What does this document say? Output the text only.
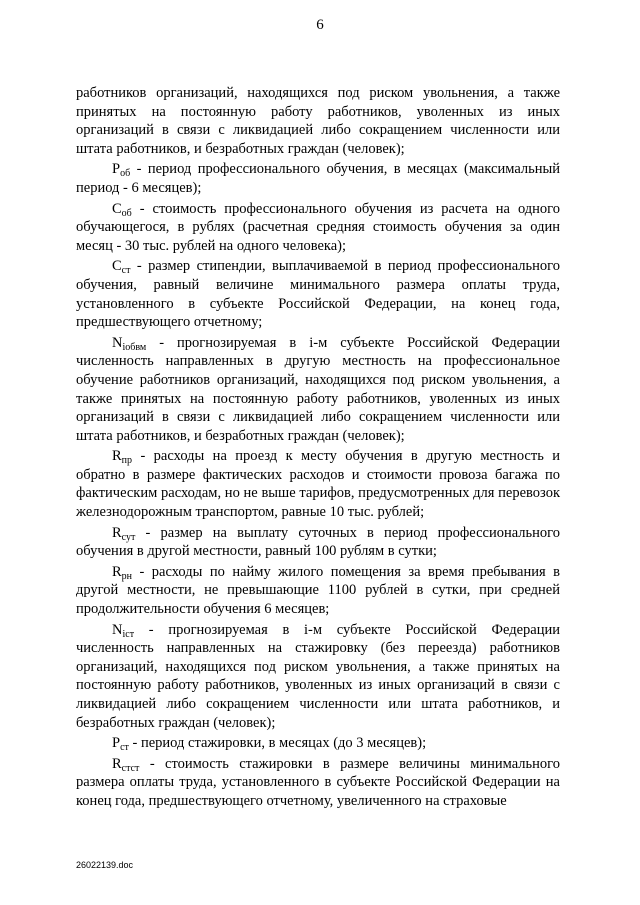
6

работников организаций, находящихся под риском увольнения, а также принятых на постоянную работу работников, уволенных из иных организаций в связи с ликвидацией либо сокращением численности или штата работников, и безработных граждан (человек);

$P_{об}$ - период профессионального обучения, в месяцах (максимальный период - 6 месяцев);

$C_{об}$ - стоимость профессионального обучения из расчета на одного обучающегося, в рублях (расчетная средняя стоимость обучения за один месяц - 30 тыс. рублей на одного человека);

$C_{ст}$ - размер стипендии, выплачиваемой в период профессионального обучения, равный величине минимального размера оплаты труда, установленного в субъекте Российской Федерации, на конец года, предшествующего отчетному;

$N_{iобвм}$ - прогнозируемая в i-м субъекте Российской Федерации численность направленных в другую местность на профессиональное обучение работников организаций, находящихся под риском увольнения, а также принятых на постоянную работу работников, уволенных из иных организаций в связи с ликвидацией либо сокращением численности или штата работников, и безработных граждан (человек);

$R_{пр}$ - расходы на проезд к месту обучения в другую местность и обратно в размере фактических расходов и стоимости провоза багажа по фактическим расходам, но не выше тарифов, предусмотренных для перевозок железнодорожным транспортом, равные 10 тыс. рублей;

$R_{сут}$ - размер на выплату суточных в период профессионального обучения в другой местности, равный 100 рублям в сутки;

$R_{рн}$ - расходы по найму жилого помещения за время пребывания в другой местности, не превышающие 1100 рублей в сутки, при средней продолжительности обучения 6 месяцев;

$N_{iст}$ - прогнозируемая в i-м субъекте Российской Федерации численность направленных на стажировку (без переезда) работников организаций, находящихся под риском увольнения, а также принятых на постоянную работу работников, уволенных из иных организаций в связи с ликвидацией либо сокращением численности или штата работников, и безработных граждан (человек);

$P_{ст}$ - период стажировки, в месяцах (до 3 месяцев);

$R_{стст}$ - стоимость стажировки в размере величины минимального размера оплаты труда, установленного в субъекте Российской Федерации на конец года, предшествующего отчетному, увеличенного на страховые

26022139.doc
